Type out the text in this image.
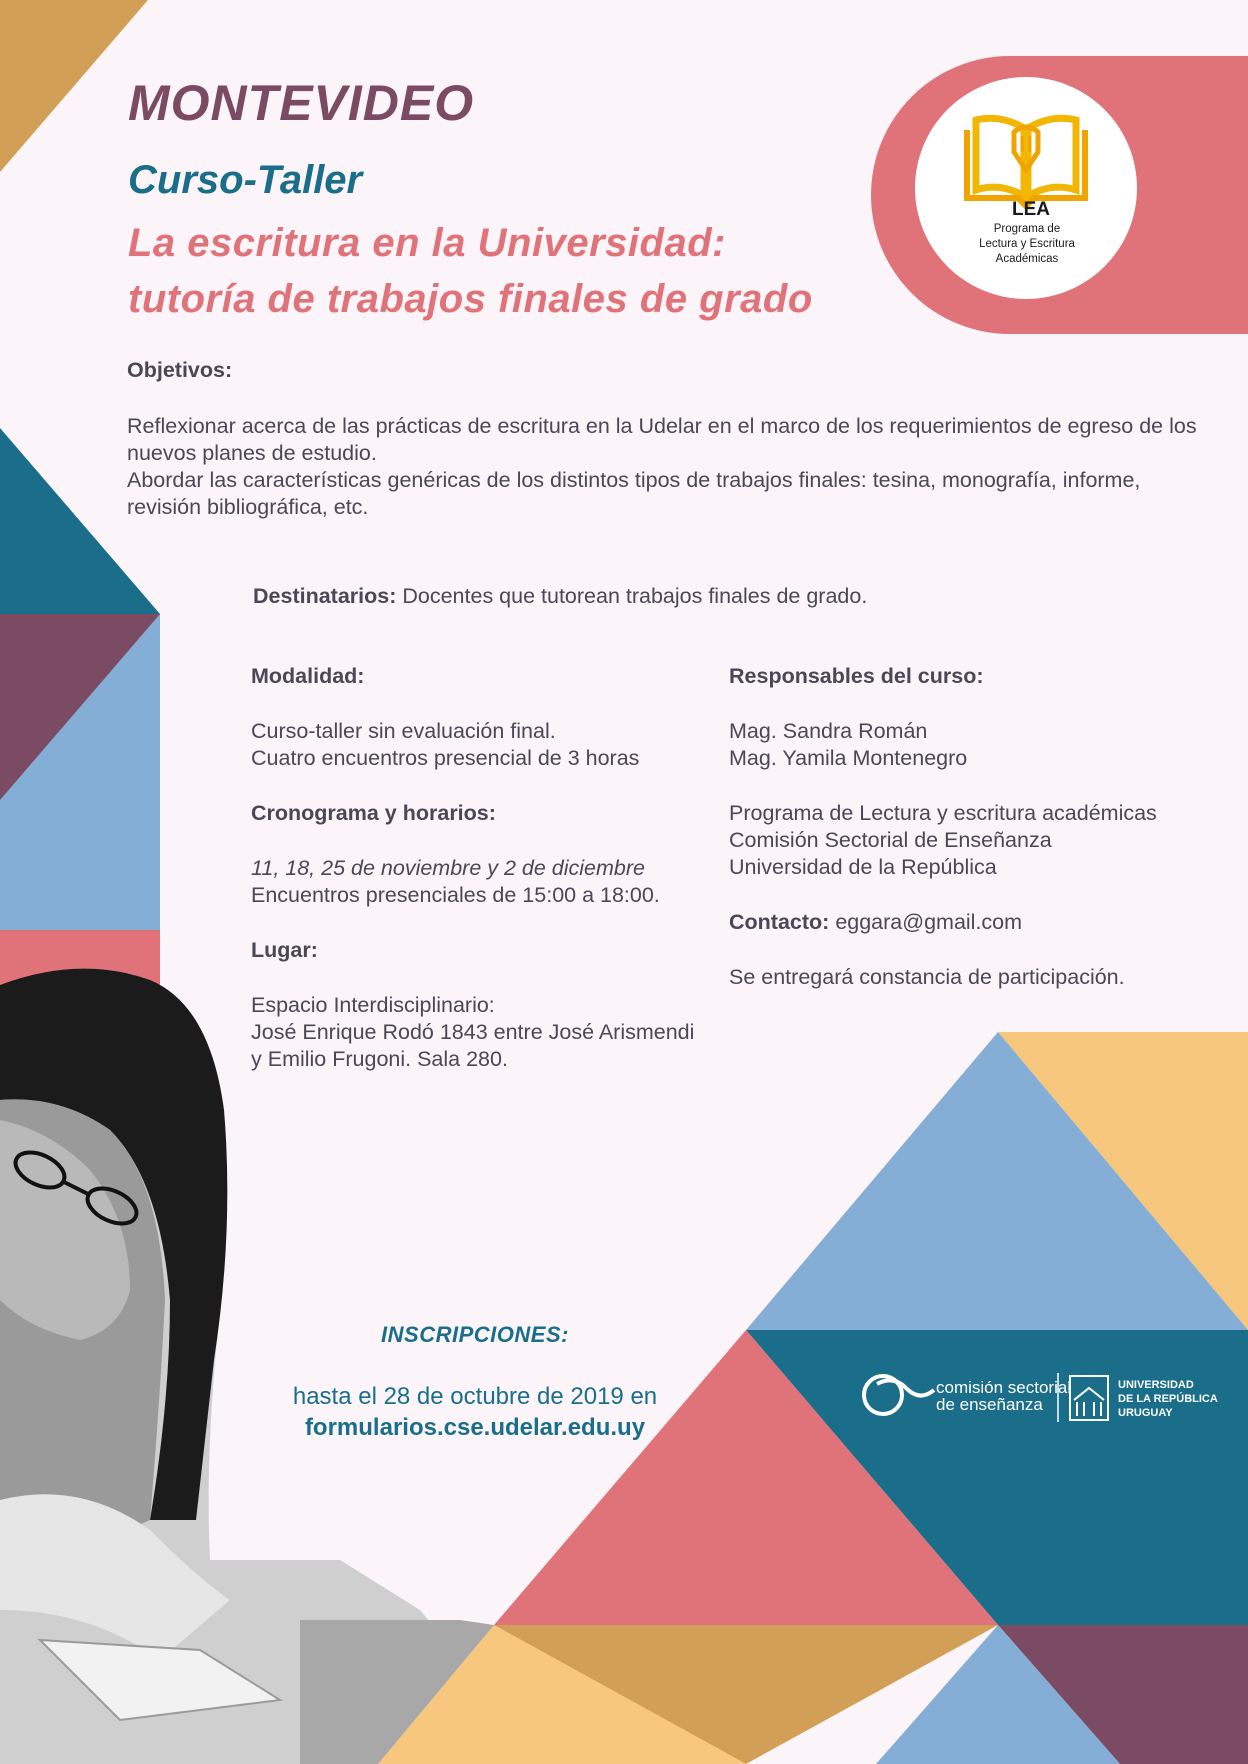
LEA
Programa de
Lectura y Escritura
Académicas
comisión sectorial
de enseñanza
UNIVERSIDAD
DE LA REPÚBLICA
URUGUAY
MONTEVIDEO
Curso-Taller
La escritura en la Universidad:
tutoría de trabajos finales de grado
Objetivos:

Reflexionar acerca de las prácticas de escritura en la Udelar en el marco de los requerimientos de egreso de los nuevos planes de estudio.

Abordar las características genéricas de los distintos tipos de trabajos finales: tesina, monografía, informe, revisión bibliográfica, etc.

Destinatarios: Docentes que tutorean trabajos finales de grado.
Modalidad:
Curso-taller sin evaluación final.
Cuatro encuentros presencial de 3 horas
Cronograma y horarios:
11, 18, 25 de noviembre y 2 de diciembre
Encuentros presenciales de 15:00 a 18:00.
Lugar:
Espacio Interdisciplinario:
José Enrique Rodó 1843 entre José Arismendi
y Emilio Frugoni. Sala 280.
Responsables del curso:
Mag. Sandra Román
Mag. Yamila Montenegro
Programa de Lectura y escritura académicas
Comisión Sectorial de Enseñanza
Universidad de la República
Contacto: eggara@gmail.com
Se entregará constancia de participación.
INSCRIPCIONES:
hasta el 28 de octubre de 2019 en
formularios.cse.udelar.edu.uy
